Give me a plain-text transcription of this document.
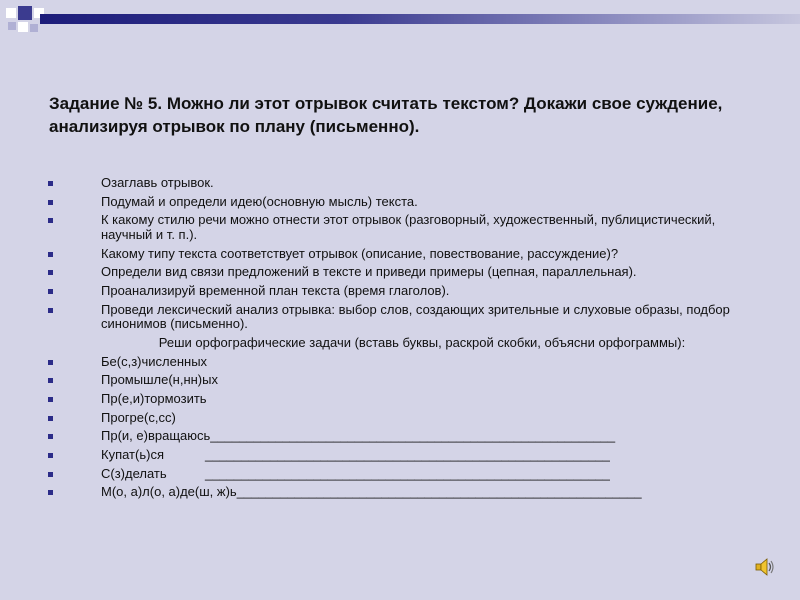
Задание № 5. Можно ли этот отрывок считать текстом? Докажи свое суждение, анализируя отрывок по плану (письменно).
Озаглавь отрывок.
Подумай и определи идею(основную мысль) текста.
К какому стилю речи можно отнести этот отрывок (разговорный, художественный, публицистический, научный и т. п.).
Какому типу текста соответствует отрывок (описание, повествование, рассуждение)?
Определи вид связи предложений в тексте и приведи примеры (цепная, параллельная).
Проанализируй временной план текста (время глаголов).
Проведи лексический анализ отрывка: выбор слов, создающих зрительные и слуховые образы, подбор синонимов (письменно).
Реши орфографические задачи (вставь буквы, раскрой скобки, объясни орфограммы):
Бе(с,з)численных
Промышле(н,нн)ых
Пр(е,и)тормозить
Прогре(с,сс)
Пр(и, е)вращаюсь________________________________________________________
Купат(ь)ся	________________________________________________________
С(з)делать	________________________________________________________
М(о, а)л(о, а)де(ш, ж)ь________________________________________________________
